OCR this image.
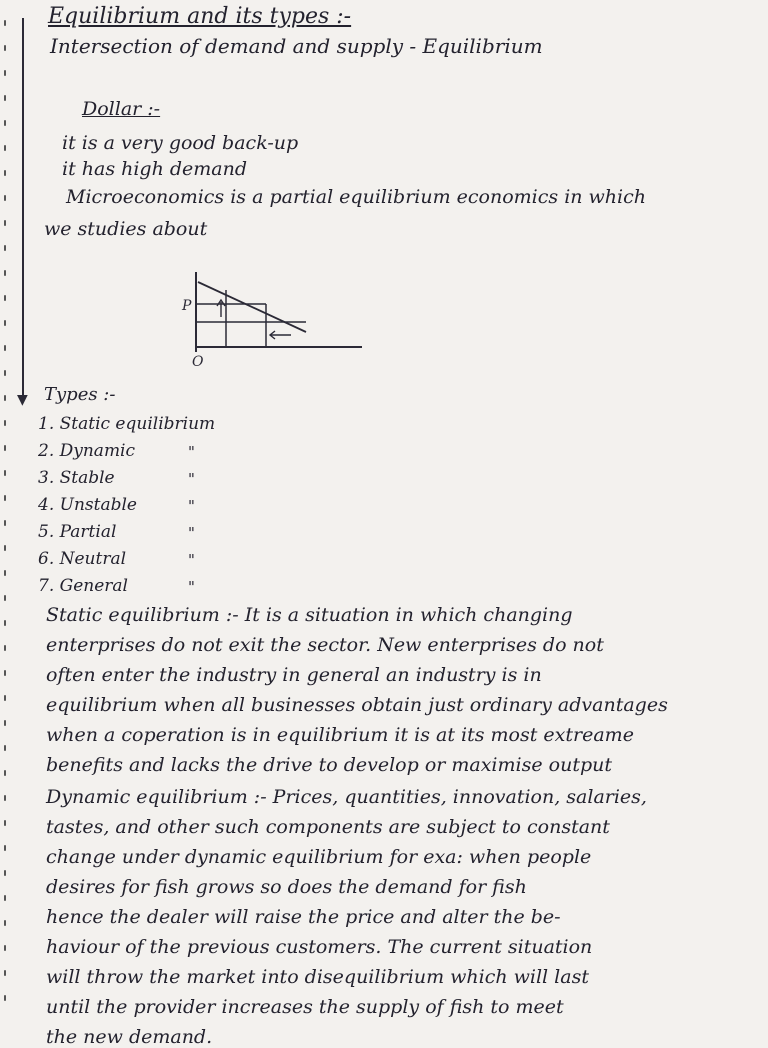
▼
Equilibrium and its types :-
Intersection of demand and supply - Equilibrium
Dollar :-
it is a very good back-up
it has high demand
Microeconomics is a partial equilibrium economics in which
we studies about
P
O
Types :-
1. Static equilibrium
2. Dynamic	"
3. Stable	"
4. Unstable	"
5. Partial	"
6. Neutral	"
7. General	"
Static equilibrium :- It is a situation in which changing
enterprises do not exit the sector. New enterprises do not
often enter the industry in general an industry is in
equilibrium when all businesses obtain just ordinary advantages
when a coperation is in equilibrium it is at its most extreame
benefits and lacks the drive to develop or maximise output
Dynamic equilibrium :- Prices, quantities, innovation, salaries,
tastes, and other such components are subject to constant
change under dynamic equilibrium for exa: when people
desires for fish grows so does the demand for fish
hence the dealer will raise the price and alter the be-
haviour of the previous customers. The current situation
will throw the market into disequilibrium which will last
until the provider increases the supply of fish to meet
the new demand.
